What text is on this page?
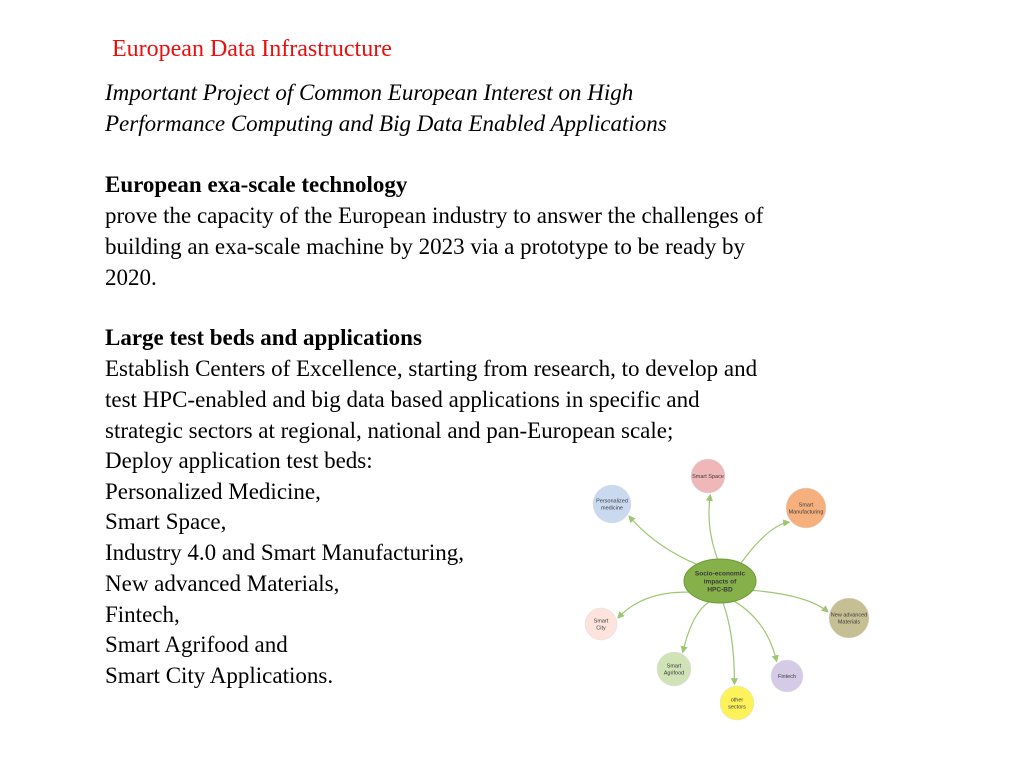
European Data Infrastructure
Important Project of Common European Interest on High
Performance Computing and Big Data Enabled Applications
European exa-scale technology
prove the capacity of the European industry to answer the challenges of
building an exa-scale machine by 2023 via a prototype to be ready by
2020.
Large test beds and applications
Establish Centers of Excellence, starting from research, to develop and
test HPC-enabled and big data based applications in specific and
strategic sectors at regional, national and pan-European scale;
Deploy application test beds:
Personalized Medicine,
Smart Space,
Industry 4.0 and Smart Manufacturing,
New advanced Materials,
Fintech,
Smart Agrifood and
Smart City Applications.
Smart Space
Smart
Manufacturing
New advanced
Materials
Fintech
other
sectors
Smart
Agrifood
Smart
City
Personalized
medicine
Socio-economic
impacts of
HPC-BD
